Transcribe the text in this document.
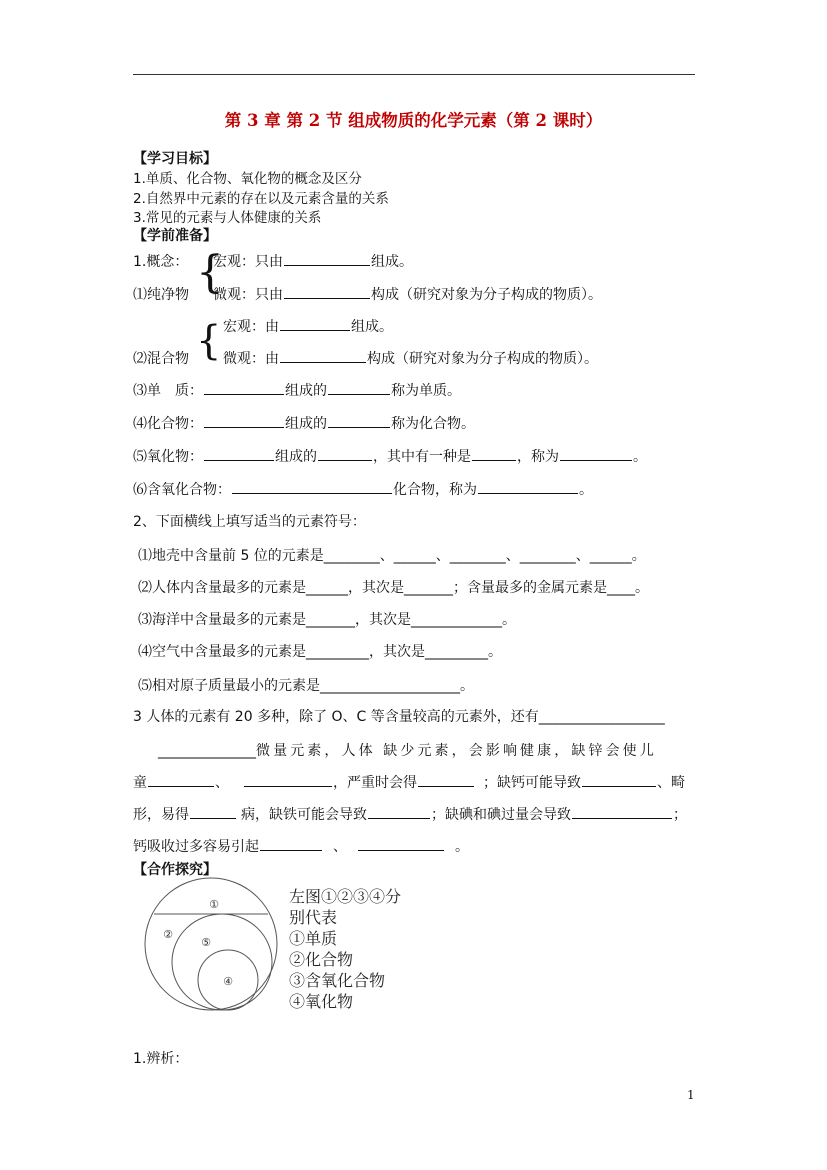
第 3 章 第 2 节 组成物质的化学元素（第 2 课时）
【学习目标】
1.单质、化合物、氧化物的概念及区分
2.自然界中元素的存在以及元素含量的关系
3.常见的元素与人体健康的关系
【学前准备】
1.概念： {
宏观：只由	组成。
⑴纯净物 微观：只由	构成（研究对象为分子构成的物质）。
宏观：由	组成。
{
⑵混合物 微观：由	构成（研究对象为分子构成的物质）。
⑶单　质：	组成的	称为单质。
⑷化合物：	组成的	称为化合物。
⑸氧化物：	组成的	，其中有一种是	，称为	。
⑹含氧化合物：	化合物，称为	。
2、下面横线上填写适当的元素符号：
⑴地壳中含量前 5 位的元素是________、______、________、________、______。
⑵人体内含量最多的元素是______，其次是_______；含量最多的金属元素是____。
⑶海洋中含量最多的元素是_______，其次是_____________。
⑷空气中含量最多的元素是_________，其次是_________。
⑸相对原子质量最小的元素是____________________。
3 人体的元素有 20 多种，除了 O、C 等含量较高的元素外，还有__________________
______________微量元素，人体 缺少元素，会影响健康，缺锌会使儿
童	、	，严重时会得	；缺钙可能导致	、畸
形，易得	病，缺铁可能会导致	；缺碘和碘过量会导致	；
钙吸收过多容易引起	、	。
【合作探究】
①
②
⑤
④
左图①②③④分
别代表
①单质
②化合物
③含氧化合物
④氧化物
1.辨析：
1
